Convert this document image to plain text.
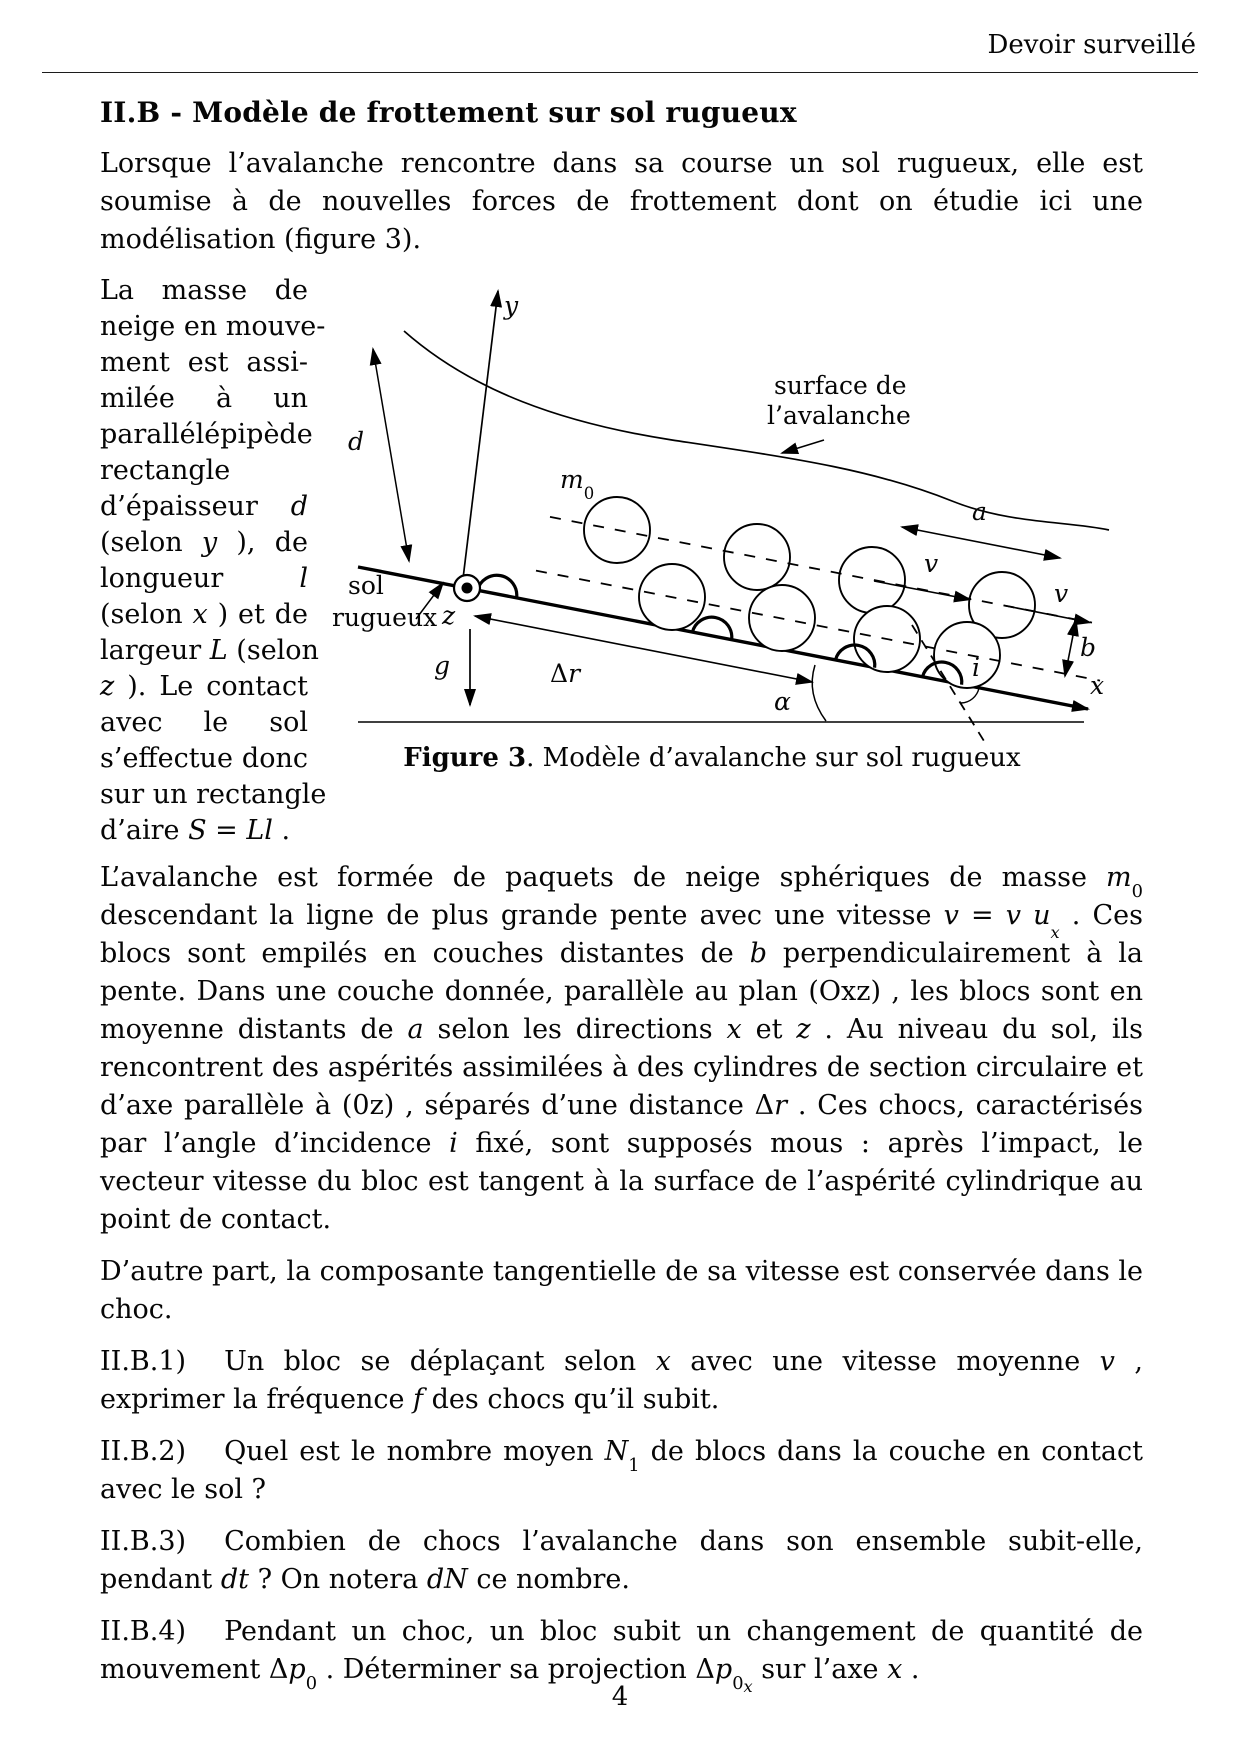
Devoir surveillé
II.B - Modèle de frottement sur sol rugueux

Lorsque l’avalanche rencontre dans sa course un sol rugueux, elle est soumise à de nouvelles forces de frottement dont on étudie ici une modélisation (figure 3).

La masse de
neige en mouve-
ment est assi-
milée à un
parallélépipède
rectangle
d’épaisseur d
(selon y ), de
longueur l
(selon x ) et de
largeur L (selon
z ). Le contact
avec le sol
s’effectue donc
sur un rectangle
d’aire S = Ll .
y
d
$m_0$
a
v
v
b
Δr
α
i
g
z
x
sol
rugueux
surface de
l’avalanche
Figure 3. Modèle d’avalanche sur sol rugueux

L’avalanche est formée de paquets de neige sphériques de masse $m_0$ descendant la ligne de plus grande pente avec une vitesse v = v $u_x$ . Ces blocs sont empilés en couches distantes de b perpendiculairement à la pente. Dans une couche donnée, parallèle au plan (Oxz) , les blocs sont en moyenne distants de a selon les directions x et z . Au niveau du sol, ils rencontrent des aspérités assimilées à des cylindres de section circulaire et d’axe parallèle à (0z) , séparés d’une distance Δr . Ces chocs, caractérisés par l’angle d’incidence i fixé, sont supposés mous : après l’impact, le vecteur vitesse du bloc est tangent à la surface de l’aspérité cylindrique au point de contact.

D’autre part, la composante tangentielle de sa vitesse est conservée dans le choc.

II.B.1) Un bloc se déplaçant selon x avec une vitesse moyenne v , exprimer la fréquence f des chocs qu’il subit.

II.B.2) Quel est le nombre moyen $N_1$ de blocs dans la couche en contact avec le sol ?

II.B.3) Combien de chocs l’avalanche dans son ensemble subit-elle, pendant dt ? On notera dN ce nombre.

II.B.4) Pendant un choc, un bloc subit un changement de quantité de mouvement $\Delta p_0$ . Déterminer sa projection $\Delta p_{0x}$ sur l’axe x .

4
